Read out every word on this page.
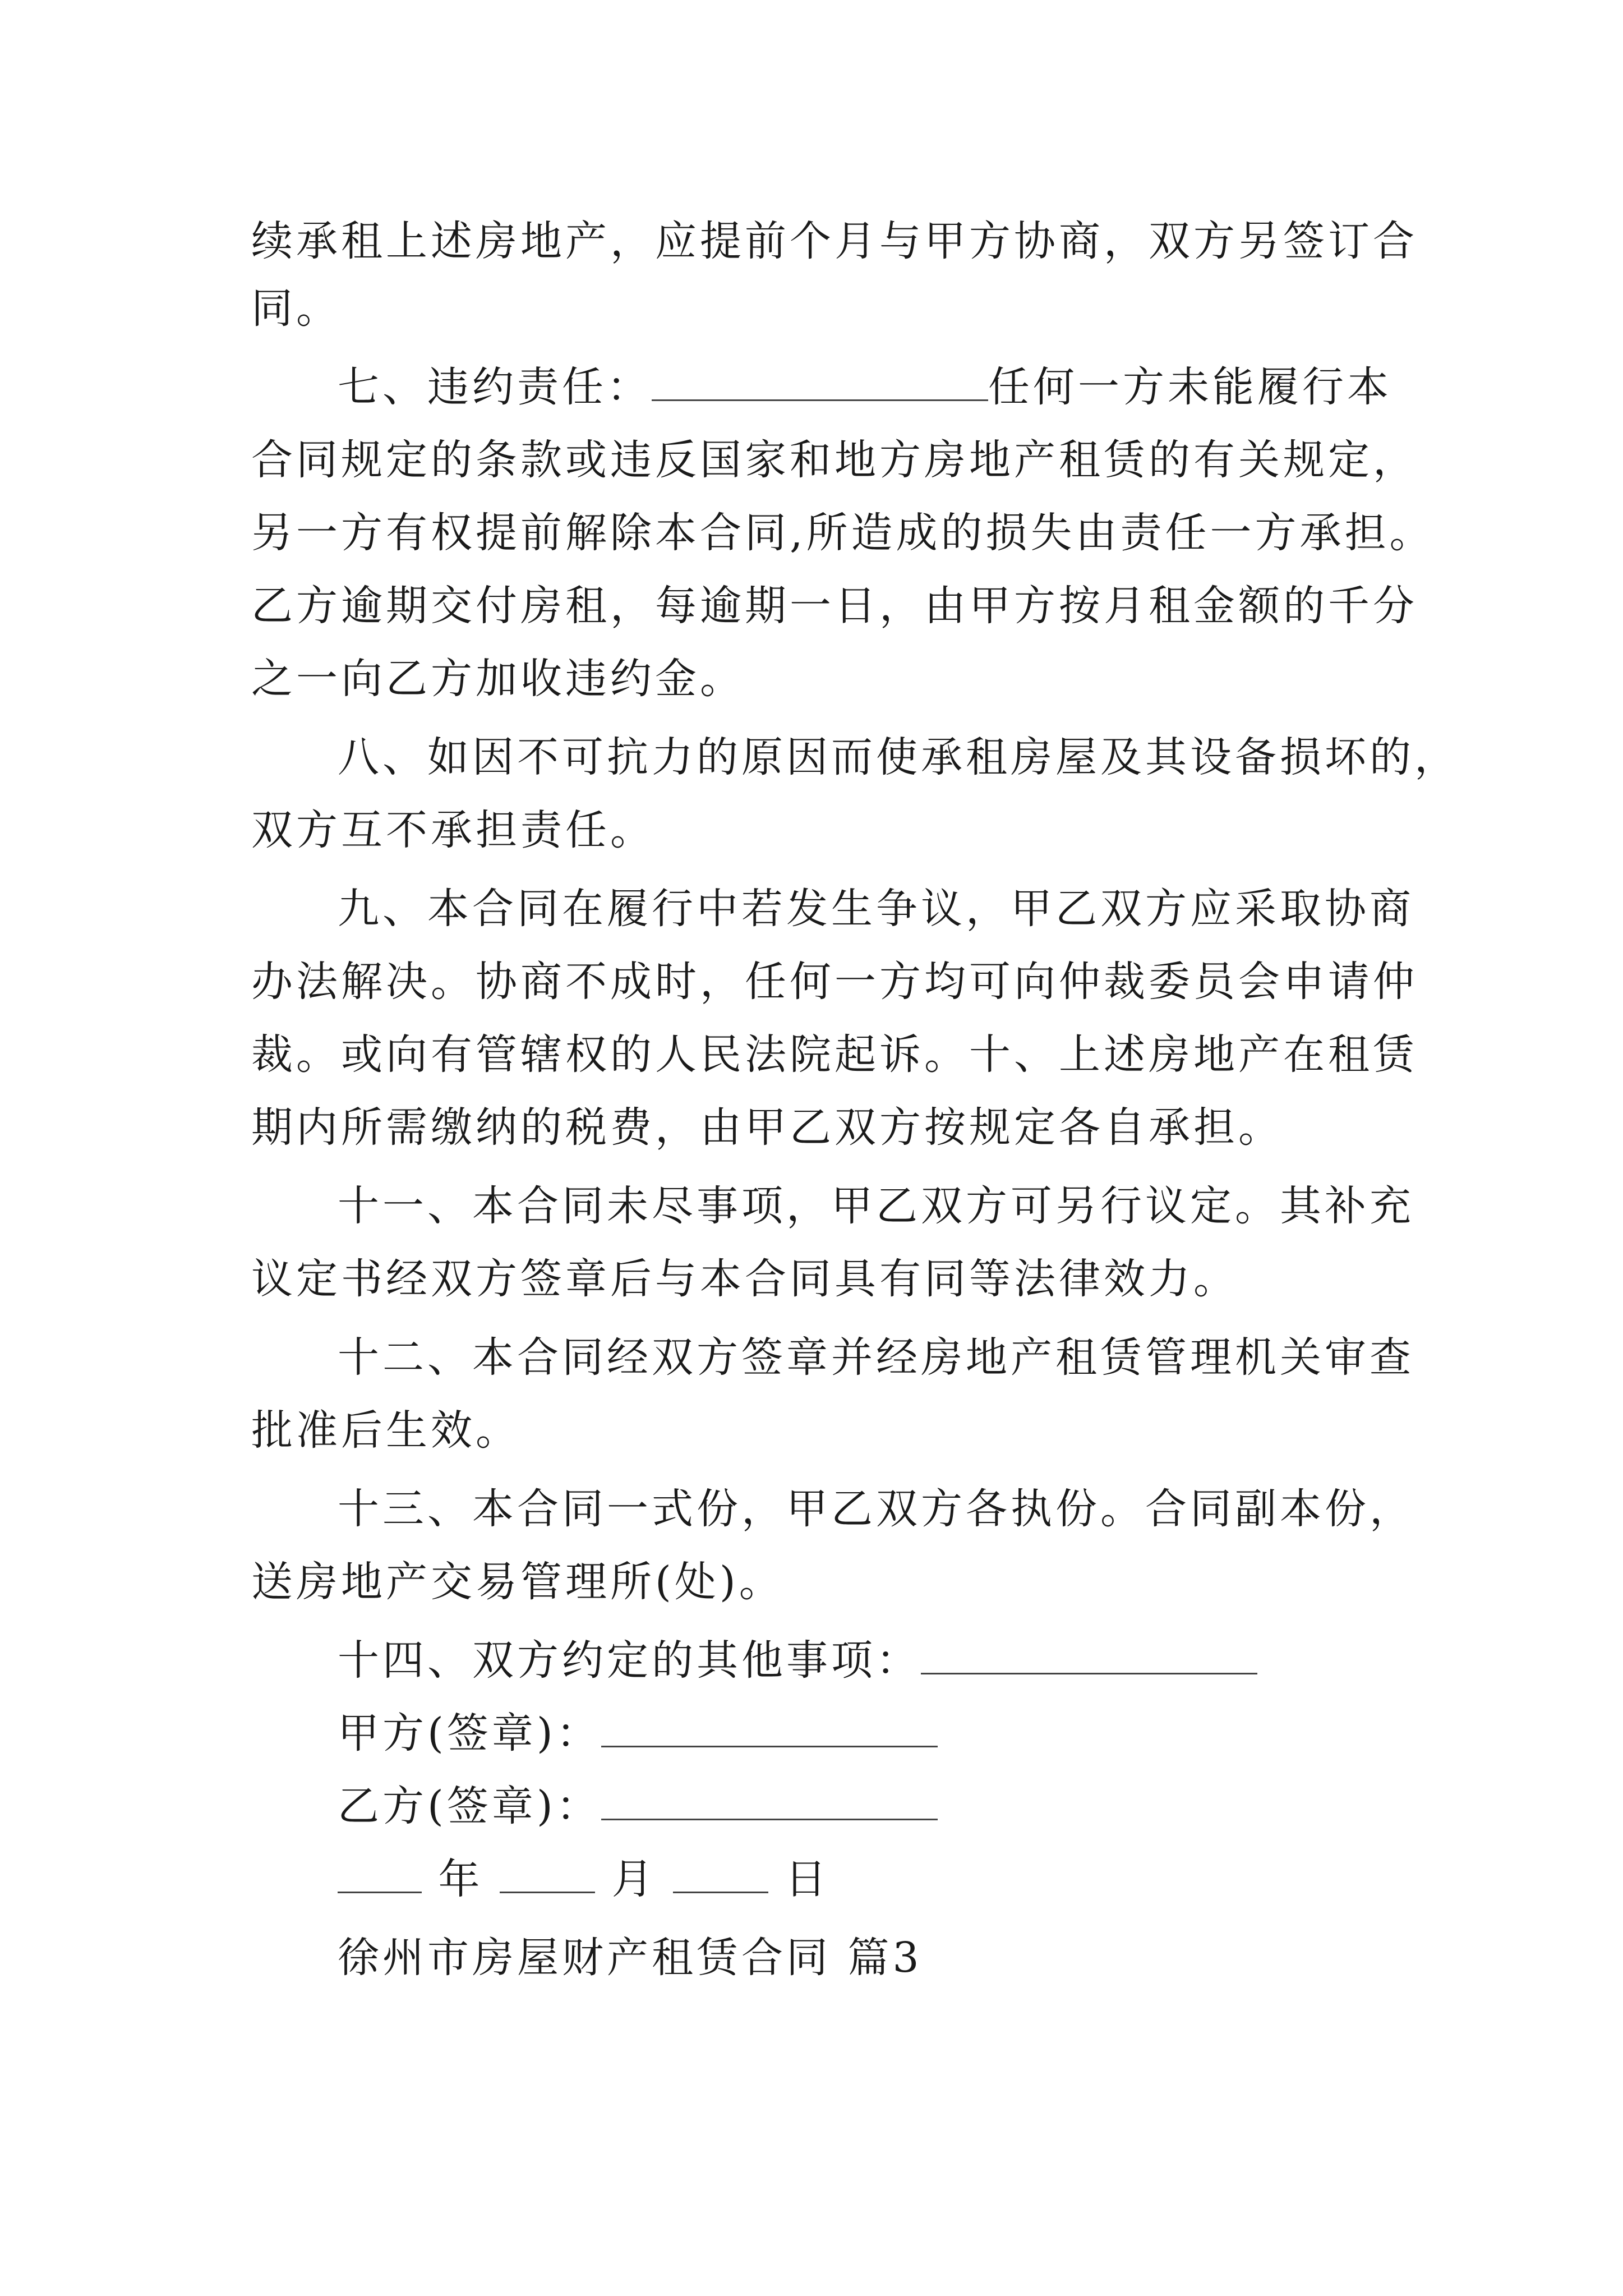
续承租上述房地产，应提前个月与甲方协商，双方另签订合
同。
七、违约责任：	任何一方未能履行本
合同规定的条款或违反国家和地方房地产租赁的有关规定，
另一方有权提前解除本合同,所造成的损失由责任一方承担。
乙方逾期交付房租，每逾期一日，由甲方按月租金额的千分
之一向乙方加收违约金。
八、如因不可抗力的原因而使承租房屋及其设备损坏的，
双方互不承担责任。
九、本合同在履行中若发生争议，甲乙双方应采取协商
办法解决。协商不成时，任何一方均可向仲裁委员会申请仲
裁。或向有管辖权的人民法院起诉。十、上述房地产在租赁
期内所需缴纳的税费，由甲乙双方按规定各自承担。
十一、本合同未尽事项，甲乙双方可另行议定。其补充
议定书经双方签章后与本合同具有同等法律效力。
十二、本合同经双方签章并经房地产租赁管理机关审查
批准后生效。
十三、本合同一式份，甲乙双方各执份。合同副本份，
送房地产交易管理所(处)。
十四、双方约定的其他事项：
甲方(签章)：
乙方(签章)：
年	月	日
徐州市房屋财产租赁合同 篇3
